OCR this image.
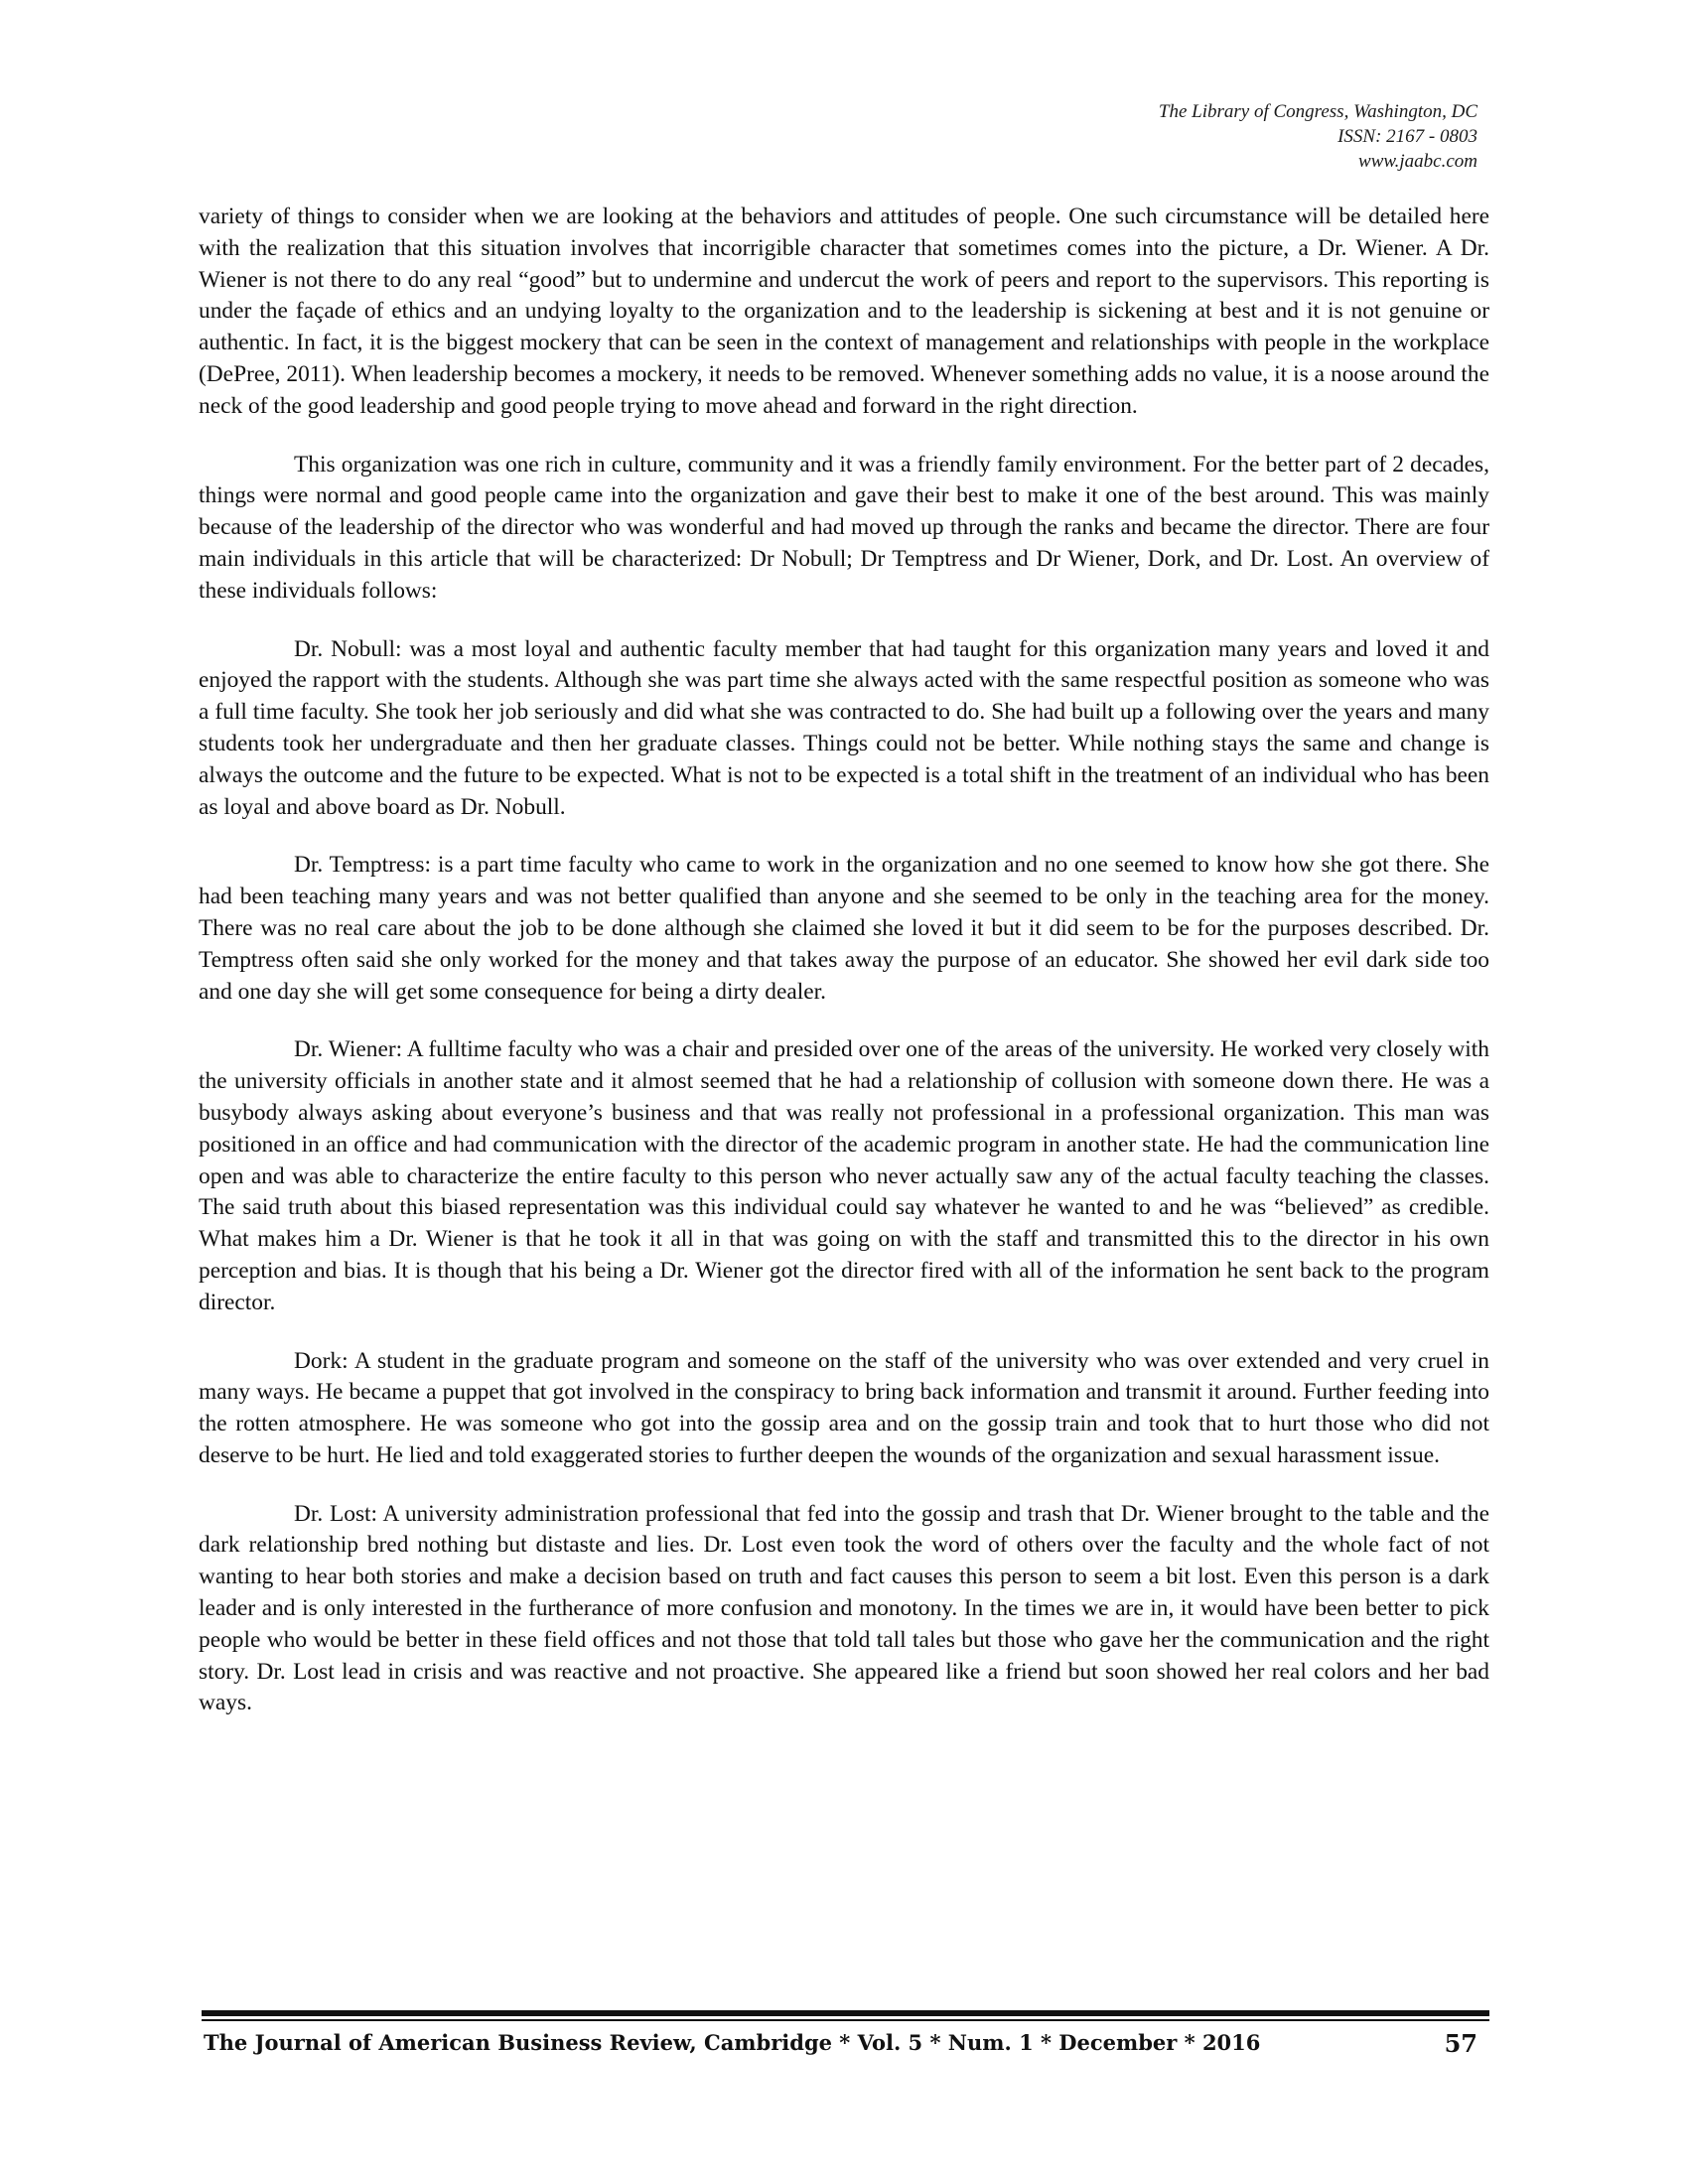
The Library of Congress, Washington, DC
ISSN: 2167 - 0803
www.jaabc.com

variety of things to consider when we are looking at the behaviors and attitudes of people. One such circumstance will be detailed here with the realization that this situation involves that incorrigible character that sometimes comes into the picture, a Dr. Wiener. A Dr. Wiener is not there to do any real “good” but to undermine and undercut the work of peers and report to the supervisors. This reporting is under the façade of ethics and an undying loyalty to the organization and to the leadership is sickening at best and it is not genuine or authentic. In fact, it is the biggest mockery that can be seen in the context of management and relationships with people in the workplace (DePree, 2011). When leadership becomes a mockery, it needs to be removed. Whenever something adds no value, it is a noose around the neck of the good leadership and good people trying to move ahead and forward in the right direction.

This organization was one rich in culture, community and it was a friendly family environment. For the better part of 2 decades, things were normal and good people came into the organization and gave their best to make it one of the best around. This was mainly because of the leadership of the director who was wonderful and had moved up through the ranks and became the director. There are four main individuals in this article that will be characterized: Dr Nobull; Dr Temptress and Dr Wiener, Dork, and Dr. Lost. An overview of these individuals follows:

Dr. Nobull: was a most loyal and authentic faculty member that had taught for this organization many years and loved it and enjoyed the rapport with the students. Although she was part time she always acted with the same respectful position as someone who was a full time faculty. She took her job seriously and did what she was contracted to do. She had built up a following over the years and many students took her undergraduate and then her graduate classes. Things could not be better. While nothing stays the same and change is always the outcome and the future to be expected. What is not to be expected is a total shift in the treatment of an individual who has been as loyal and above board as Dr. Nobull.

Dr. Temptress: is a part time faculty who came to work in the organization and no one seemed to know how she got there. She had been teaching many years and was not better qualified than anyone and she seemed to be only in the teaching area for the money. There was no real care about the job to be done although she claimed she loved it but it did seem to be for the purposes described. Dr. Temptress often said she only worked for the money and that takes away the purpose of an educator. She showed her evil dark side too and one day she will get some consequence for being a dirty dealer.

Dr. Wiener: A fulltime faculty who was a chair and presided over one of the areas of the university. He worked very closely with the university officials in another state and it almost seemed that he had a relationship of collusion with someone down there. He was a busybody always asking about everyone’s business and that was really not professional in a professional organization. This man was positioned in an office and had communication with the director of the academic program in another state. He had the communication line open and was able to characterize the entire faculty to this person who never actually saw any of the actual faculty teaching the classes. The said truth about this biased representation was this individual could say whatever he wanted to and he was “believed” as credible. What makes him a Dr. Wiener is that he took it all in that was going on with the staff and transmitted this to the director in his own perception and bias. It is though that his being a Dr. Wiener got the director fired with all of the information he sent back to the program director.

Dork: A student in the graduate program and someone on the staff of the university who was over extended and very cruel in many ways. He became a puppet that got involved in the conspiracy to bring back information and transmit it around. Further feeding into the rotten atmosphere. He was someone who got into the gossip area and on the gossip train and took that to hurt those who did not deserve to be hurt. He lied and told exaggerated stories to further deepen the wounds of the organization and sexual harassment issue.

Dr. Lost: A university administration professional that fed into the gossip and trash that Dr. Wiener brought to the table and the dark relationship bred nothing but distaste and lies. Dr. Lost even took the word of others over the faculty and the whole fact of not wanting to hear both stories and make a decision based on truth and fact causes this person to seem a bit lost. Even this person is a dark leader and is only interested in the furtherance of more confusion and monotony. In the times we are in, it would have been better to pick people who would be better in these field offices and not those that told tall tales but those who gave her the communication and the right story. Dr. Lost lead in crisis and was reactive and not proactive. She appeared like a friend but soon showed her real colors and her bad ways.

The Journal of American Business Review, Cambridge * Vol. 5 * Num. 1 * December * 2016	57
